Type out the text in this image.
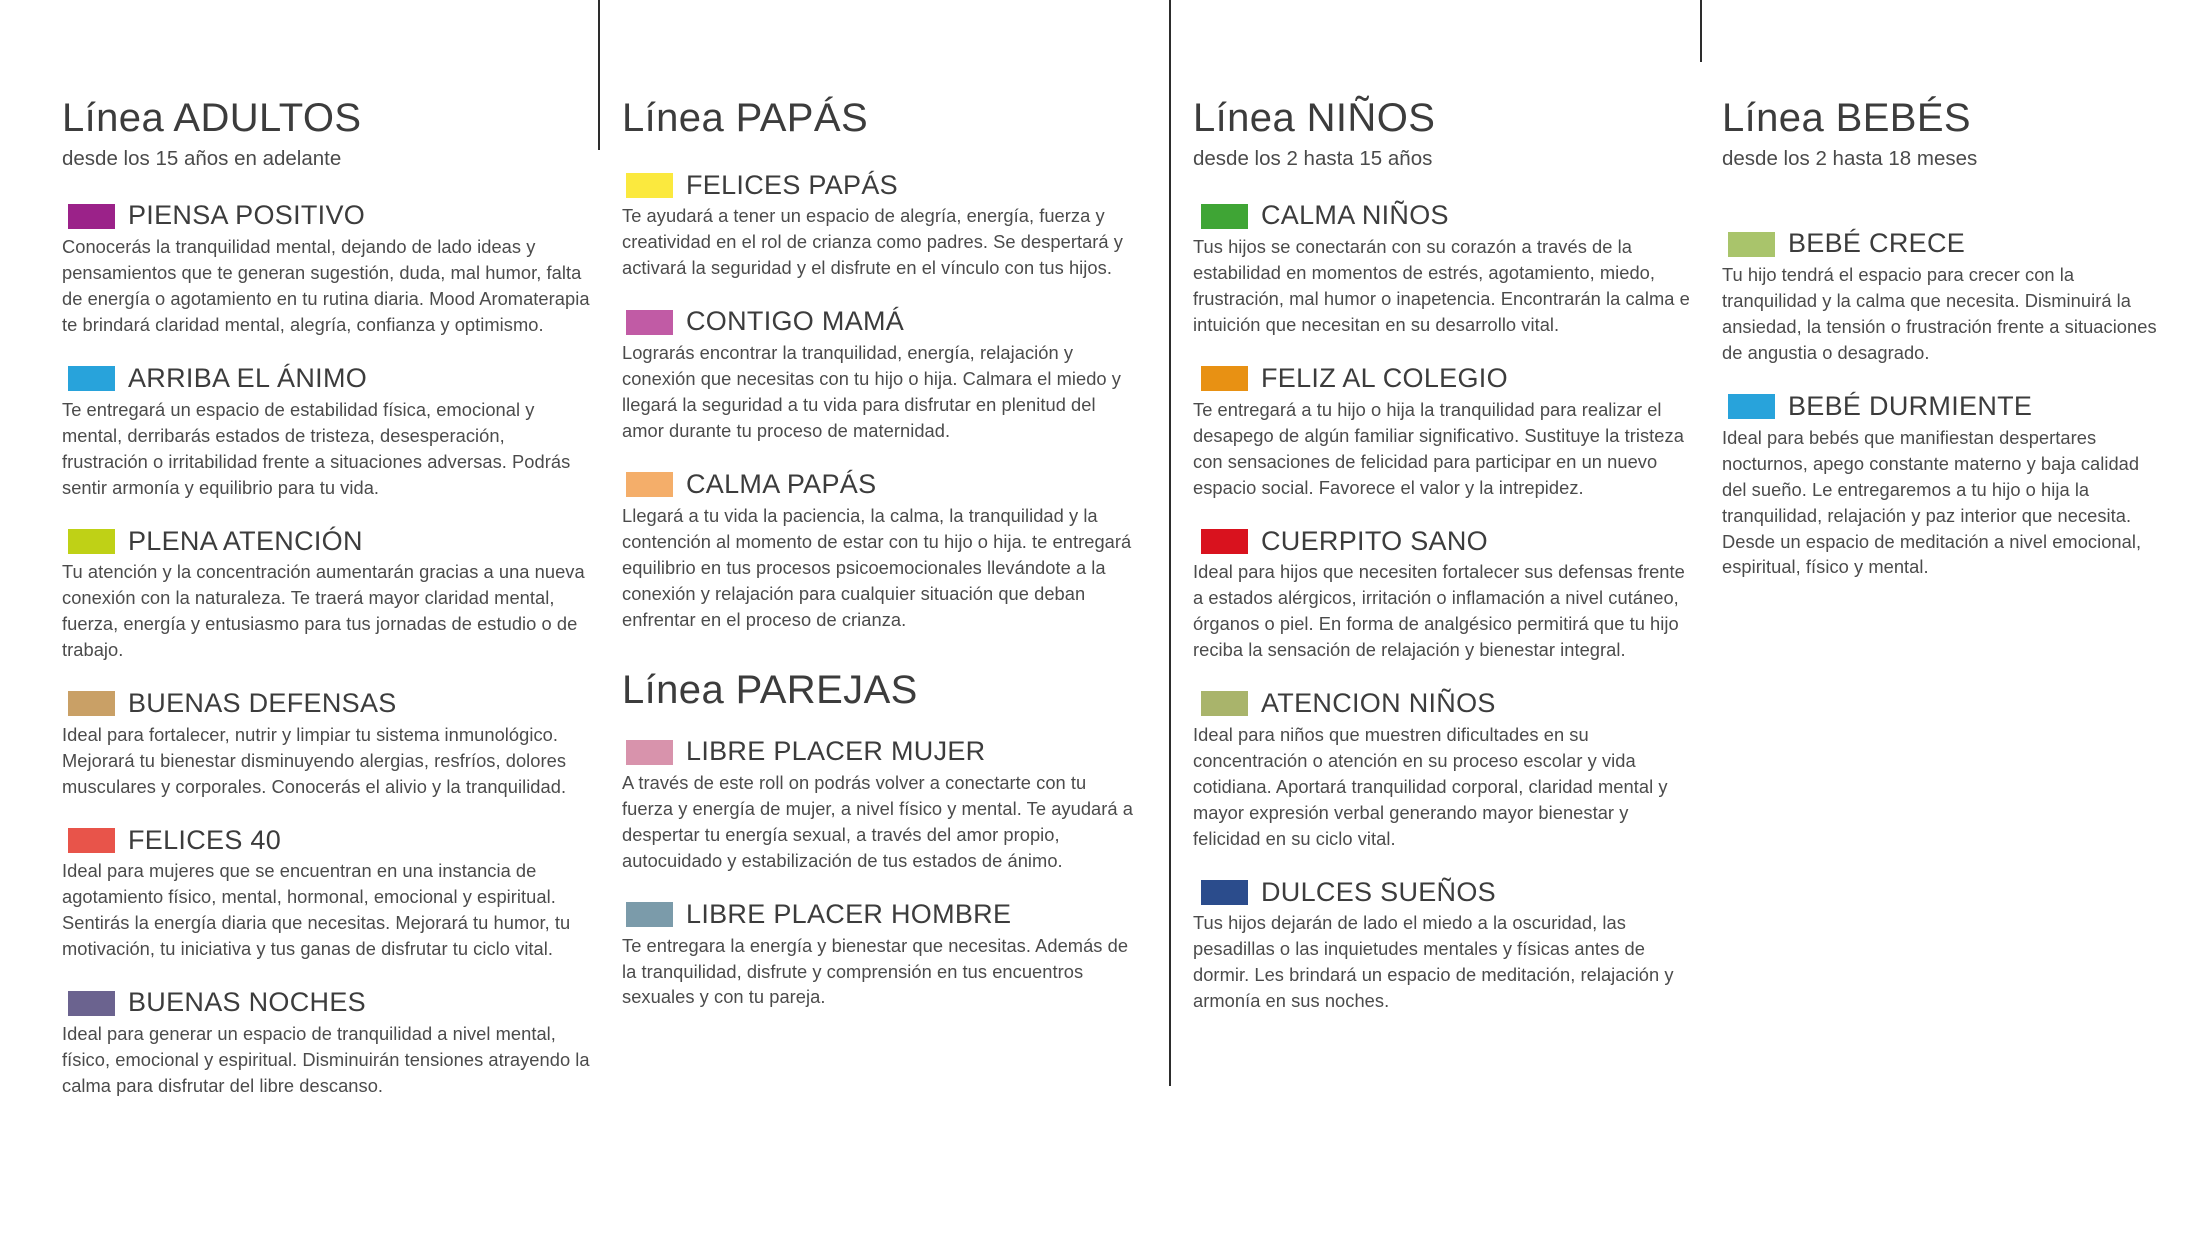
Línea ADULTOS
desde los 15 años en adelante
PIENSA POSITIVO

Conocerás la tranquilidad mental, dejando de lado ideas y pensamientos que te generan sugestión, duda, mal humor, falta de energía o agotamiento en tu rutina diaria. Mood Aromaterapia te brindará claridad mental, alegría, confianza y optimismo.

ARRIBA EL ÁNIMO

Te entregará un espacio de estabilidad física, emocional y mental, derribarás estados de tristeza, desesperación, frustración o irritabilidad frente a situaciones adversas. Podrás sentir armonía y equilibrio para tu vida.

PLENA ATENCIÓN

Tu atención y la concentración aumentarán gracias a una nueva conexión con la naturaleza. Te traerá mayor claridad mental, fuerza, energía y entusiasmo para tus jornadas de estudio o de trabajo.

BUENAS DEFENSAS

Ideal para fortalecer, nutrir y limpiar tu sistema inmunológico. Mejorará tu bienestar disminuyendo alergias, resfríos, dolores musculares y corporales. Conocerás el alivio y la tranquilidad.

FELICES 40

Ideal para mujeres que se encuentran en una instancia de agotamiento físico, mental, hormonal, emocional y espiritual. Sentirás la energía diaria que necesitas. Mejorará tu humor, tu motivación, tu iniciativa y tus ganas de disfrutar tu ciclo vital.

BUENAS NOCHES

Ideal para generar un espacio de tranquilidad a nivel mental, físico, emocional y espiritual. Disminuirán tensiones atrayendo la calma para disfrutar del libre descanso.

Línea PAPÁS
FELICES PAPÁS

Te ayudará a tener un espacio de alegría, energía, fuerza y creatividad en el rol de crianza como padres. Se despertará y activará la seguridad y el disfrute en el vínculo con tus hijos.

CONTIGO MAMÁ

Lograrás encontrar la tranquilidad, energía, relajación y conexión que necesitas con tu hijo o hija. Calmara el miedo y llegará la seguridad a tu vida para disfrutar en plenitud del amor durante tu proceso de maternidad.

CALMA PAPÁS

Llegará a tu vida la paciencia, la calma, la tranquilidad y la contención al momento de estar con tu hijo o hija. te entregará equilibrio en tus procesos psicoemocionales llevándote a la conexión y relajación para cualquier situación que deban enfrentar en el proceso de crianza.

Línea PAREJAS
LIBRE PLACER MUJER

A través de este roll on podrás volver a conectarte con tu fuerza y energía de mujer, a nivel físico y mental. Te ayudará a despertar tu energía sexual, a través del amor propio, autocuidado y estabilización de tus estados de ánimo.

LIBRE PLACER HOMBRE

Te entregara la energía y bienestar que necesitas. Además de la tranquilidad, disfrute y comprensión en tus encuentros sexuales y con tu pareja.

Línea NIÑOS
desde los 2 hasta 15 años
CALMA NIÑOS

Tus hijos se conectarán con su corazón a través de la estabilidad en momentos de estrés, agotamiento, miedo, frustración, mal humor o inapetencia. Encontrarán la calma e intuición que necesitan en su desarrollo vital.

FELIZ AL COLEGIO

Te entregará a tu hijo o hija la tranquilidad para realizar el desapego de algún familiar significativo. Sustituye la tristeza con sensaciones de felicidad para participar en un nuevo espacio social. Favorece el valor y la intrepidez.

CUERPITO SANO

Ideal para hijos que necesiten fortalecer sus defensas frente a estados alérgicos, irritación o inflamación a nivel cutáneo, órganos o piel. En forma de analgésico permitirá que tu hijo reciba la sensación de relajación y bienestar integral.

ATENCION NIÑOS

Ideal para niños que muestren dificultades en su concentración o atención en su proceso escolar y vida cotidiana. Aportará tranquilidad corporal, claridad mental y mayor expresión verbal generando mayor bienestar y felicidad en su ciclo vital.

DULCES SUEÑOS

Tus hijos dejarán de lado el miedo a la oscuridad, las pesadillas o las inquietudes mentales y físicas antes de dormir. Les brindará un espacio de meditación, relajación y armonía en sus noches.

Línea BEBÉS
desde los 2 hasta 18 meses
BEBÉ CRECE

Tu hijo tendrá el espacio para crecer con la tranquilidad y la calma que necesita. Disminuirá la ansiedad, la tensión o frustración frente a situaciones de angustia o desagrado.

BEBÉ DURMIENTE

Ideal para bebés que manifiestan despertares nocturnos, apego constante materno y baja calidad del sueño. Le entregaremos a tu hijo o hija la tranquilidad, relajación y paz interior que necesita. Desde un espacio de meditación a nivel emocional, espiritual, físico y mental.
